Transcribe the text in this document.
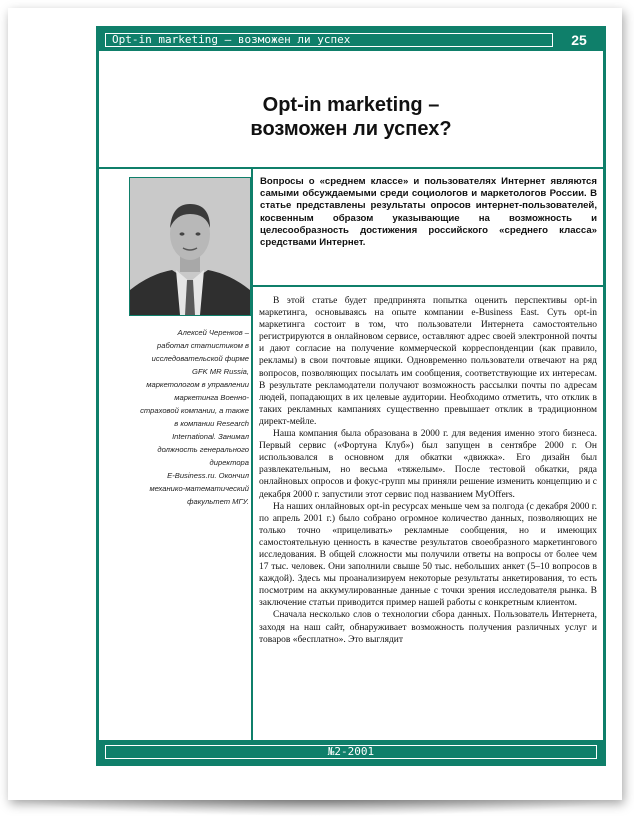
Opt-in marketing – возможен ли успех	25
Opt-in marketing –
возможен ли успех?
Алексей Черенков –
работал статистиком в
исследовательской фирме
GFK MR Russia,
маркетологом в управлении
маркетинга Военно-
страховой компании, а также
в компании Research
International. Занимал
должность генерального
директора
E-Business.ru. Окончил
механико-математический
факультет МГУ.
Вопросы о «среднем классе» и пользователях Интернет являются самыми обсуждаемыми среди социологов и маркетологов России. В статье представлены результаты опросов интернет-пользователей, косвенным образом указывающие на возможность и целесообразность достижения российского «среднего класса» средствами Интернет.

В этой статье будет предпринята попытка оценить перспективы opt-in маркетинга, основываясь на опыте компании e-Business East. Суть opt-in маркетинга состоит в том, что пользователи Интернета самостоятельно регистрируются в онлайновом сервисе, оставляют адрес своей электронной почты и дают согласие на получение коммерческой корреспонденции (как правило, рекламы) в свои почтовые ящики. Одновременно пользователи отвечают на ряд вопросов, позволяющих посылать им сообщения, соответствующие их интересам. В результате рекламодатели получают возможность рассылки почты по адресам людей, попадающих в их целевые аудитории. Необходимо отметить, что отклик в таких рекламных кампаниях существенно превышает отклик в традиционном директ-мейле.

Наша компания была образована в 2000 г. для ведения именно этого бизнеса. Первый сервис («Фортуна Клуб») был запущен в сентябре 2000 г. Он использовался в основном для обкатки «движка». Его дизайн был развлекательным, но весьма «тяжелым». После тестовой обкатки, ряда онлайновых опросов и фокус-групп мы приняли решение изменить концепцию и с декабря 2000 г. запустили этот сервис под названием MyOffers.

На наших онлайновых opt-in ресурсах меньше чем за полгода (с декабря 2000 г. по апрель 2001 г.) было собрано огромное количество данных, позволяющих не только точно «прицеливать» рекламные сообщения, но и имеющих самостоятельную ценность в качестве результатов своеобразного маркетингового исследования. В общей сложности мы получили ответы на вопросы от более чем 17 тыс. человек. Они заполнили свыше 50 тыс. небольших анкет (5–10 вопросов в каждой). Здесь мы проанализируем некоторые результаты анкетирования, то есть посмотрим на аккумулированные данные с точки зрения исследователя рынка. В заключение статьи приводится пример нашей работы с конкретным клиентом.

Сначала несколько слов о технологии сбора данных. Пользователь Интернета, заходя на наш сайт, обнаруживает возможность получения различных услуг и товаров «бесплатно». Это выглядит

№2-2001
